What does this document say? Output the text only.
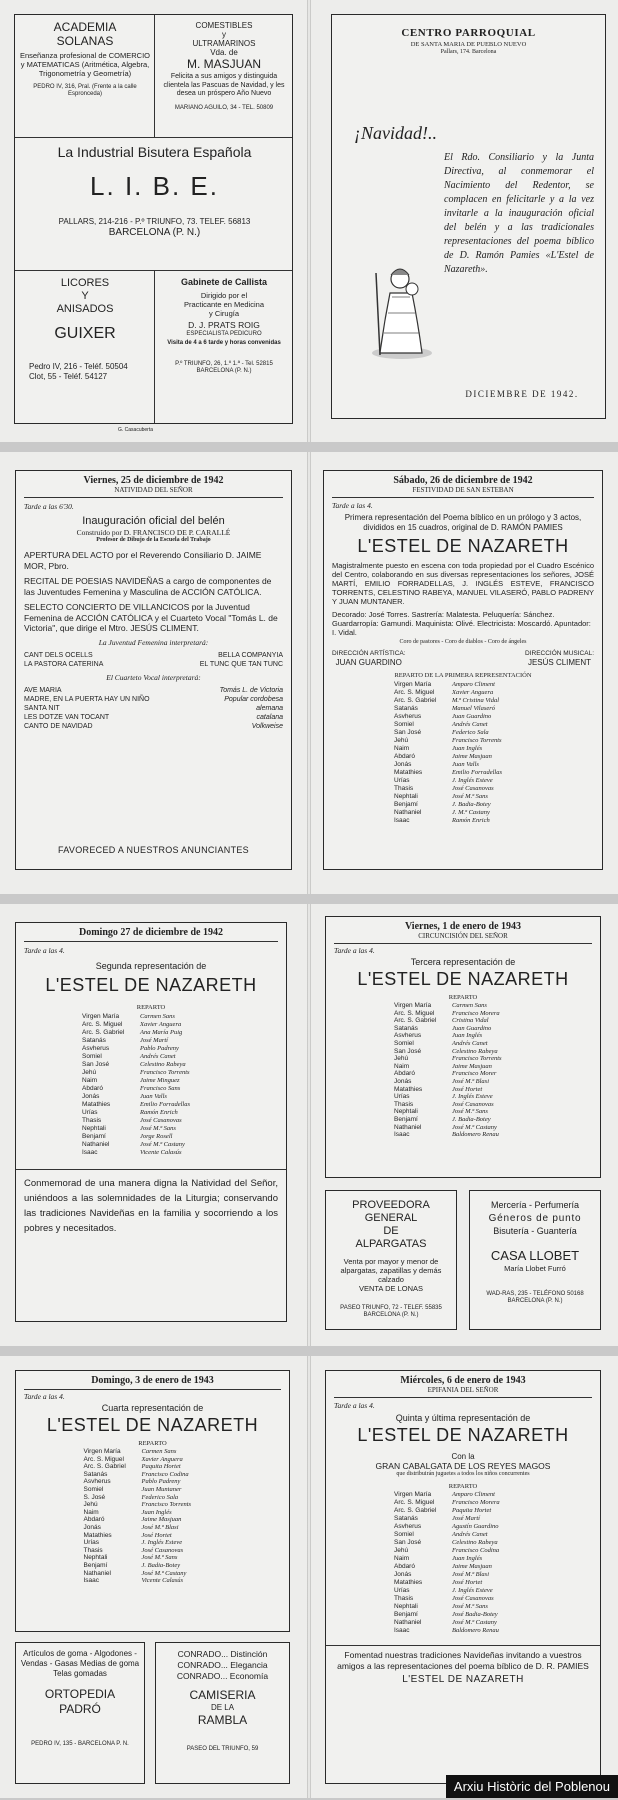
ACADEMIA
SOLANAS
Enseñanza profesional de COMERCIO y MATEMATICAS (Aritmética, Algebra, Trigonometría y Geometría)
PEDRO IV, 316, Pral. (Frente a la calle Espronceda)
COMESTIBLES
y
ULTRAMARINOS
Vda. de
M. MASJUAN
Felicita a sus amigos y distinguida clientela las Pascuas de Navidad, y les desea un próspero Año Nuevo
MARIANO AGUILO, 34 - TEL. 50809
La Industrial Bisutera Española
L. I. B. E.
PALLARS, 214-216 - P.º TRIUNFO, 73. TELEF. 56813
BARCELONA (P. N.)
LICORES
Y
ANISADOS
GUIXER
Pedro IV, 216 - Teléf. 50504
Clot, 55 - Teléf. 54127
Gabinete de Callista
Dirigido por el
Practicante en Medicina
y Cirugía
D. J. PRATS ROIG
ESPECIALISTA PEDICURO
Visita de 4 a 6 tarde y horas convenidas
P.º TRIUNFO, 26, 1.º 1.ª - Tel. 52815 BARCELONA (P. N.)
G. Casacuberta
CENTRO PARROQUIAL
DE SANTA MARIA DE PUEBLO NUEVO
Pallars, 174. Barcelona
¡Navidad!..
El Rdo. Consiliario y la Junta Directiva, al conmemorar el Nacimiento del Redentor, se complacen en felicitarle y a la vez invitarle a la inauguración oficial del belén y a las tradicionales representaciones del poema bíblico de D. Ramón Pamies «L'Estel de Nazareth».
DICIEMBRE DE 1942.
Viernes, 25 de diciembre de 1942
NATIVIDAD DEL SEÑOR
Tarde a las 6'30.
Inauguración oficial del belén
Construído por D. FRANCISCO DE P. CARALLÉ
Profesor de Dibujo de la Escuela del Trabajo

APERTURA DEL ACTO por el Reverendo Consiliario D. JAIME MOR, Pbro.

RECITAL DE POESIAS NAVIDEÑAS a cargo de componentes de las Juventudes Femenina y Masculina de ACCIÓN CATÓLICA.

SELECTO CONCIERTO DE VILLANCICOS por la Juventud Femenina de ACCIÓN CATÓLICA y el Cuarteto Vocal "Tomás L. de Victoria", que dirige el Mtro. JESÚS CLIMENT.

La Juventud Femenina interpretará:
CANT DELS OCELLS	BELLA COMPANYIA
LA PASTORA CATERINA	EL TUNC QUE TAN TUNC
El Cuarteto Vocal interpretará:
AVE MARIA	Tomás L. de Victoria
MADRE, EN LA PUERTA HAY UN NIÑO	Popular cordobesa
SANTA NIT	alemana
LES DOTZE VAN TOCANT	catalana
CANTO DE NAVIDAD	Volkweise
FAVORECED A NUESTROS ANUNCIANTES
Sábado, 26 de diciembre de 1942
FESTIVIDAD DE SAN ESTEBAN
Tarde a las 4.
Primera representación del Poema bíblico en un prólogo y 3 actos, divididos en 15 cuadros, original de D. RAMÓN PAMIES
L'ESTEL DE NAZARETH
Magistralmente puesto en escena con toda propiedad por el Cuadro Escénico del Centro, colaborando en sus diversas representaciones los señores, JOSÉ MARTÍ, EMILIO FORRADELLAS, J. INGLÉS ESTEVE, FRANCISCO TORRENTS, CELESTINO RABEYA, MANUEL VILASERÓ, PABLO PADRENY Y JUAN MUNTANER.
Decorado: José Torres. Sastrería: Malatesta. Peluquería: Sánchez. Guardarropía: Gamundi. Maquinista: Olivé. Electricista: Moscardó. Apuntador: I. Vidal.
Coro de pastores - Coro de diablos - Coro de ángeles
DIRECCIÓN ARTÍSTICA:
JUAN GUARDINO
DIRECCIÓN MUSICAL:
JESÚS CLIMENT
REPARTO DE LA PRIMERA REPRESENTACIÓN
Virgen María	Amparo Climent
Arc. S. Miguel	Xavier Anguera
Arc. S. Gabriel	M.ª Cristina Vidal
Satanás	Manuel Vilaseró
Asvherus	Juan Guardino
Somiel	Andrés Canet
San José	Federico Sala
Jehú	Francisco Torrents
Naim	Juan Inglés
Abdaró	Jaime Masjuan
Jonás	Juan Valls
Matathies	Emilio Forradellas
Urías	J. Inglés Esteve
Thasis	José Casanovas
Nephtali	José M.ª Sans
Benjamí	J. Badia-Botey
Nathaniel	J. M.ª Castany
Isaac	Ramón Enrich
Domingo 27 de diciembre de 1942
Tarde a las 4.
Segunda representación de
L'ESTEL DE NAZARETH
REPARTO
Virgen María	Carmen Sans
Arc. S. Miguel	Xavier Anguera
Arc. S. Gabriel	Ana María Puig
Satanás	José Martí
Asvherus	Pablo Padreny
Somiel	Andrés Canet
San José	Celestino Rabeya
Jehú	Francisco Torrents
Naim	Jaime Minguez
Abdaró	Francisco Sans
Jonás	Juan Valls
Matathies	Emilio Forradellas
Urías	Ramón Enrich
Thasis	José Casanovas
Nephtali	José M.ª Sans
Benjamí	Jorge Rosell
Nathaniel	José M.ª Castany
Isaac	Vicente Calasús
Conmemorad de una manera digna la Natividad del Señor, uniéndoos a las solemnidades de la Liturgia; conservando las tradiciones Navideñas en la familia y socorriendo a los pobres y necesitados.
Viernes, 1 de enero de 1943
CIRCUNCISIÓN DEL SEÑOR
Tarde a las 4.
Tercera representación de
L'ESTEL DE NAZARETH
REPARTO
Virgen María	Carmen Sans
Arc. S. Miguel	Francisco Morera
Arc. S. Gabriel	Cristina Vidal
Satanás	Juan Guardino
Asvherus	Juan Inglés
Somiel	Andrés Canet
San José	Celestino Rabeya
Jehú	Francisco Torrents
Naim	Jaime Masjuan
Abdaró	Francisco Morer
Jonás	José M.ª Blasi
Matathies	José Hortet
Urías	J. Inglés Esteve
Thasis	José Casanovas
Nephtali	José M.ª Sans
Benjamí	J. Badia-Botey
Nathaniel	José M.ª Castany
Isaac	Baldomero Renau
PROVEEDORA
GENERAL
DE
ALPARGATAS
Venta por mayor y menor de alpargatas, zapatillas y demás calzado
VENTA DE LONAS
PASEO TRIUNFO, 72 - TELEF. 55835 BARCELONA (P. N.)
Mercería - Perfumería
Géneros de punto
Bisutería - Guantería
CASA LLOBET
María Llobet Furró
WAD-RAS, 235 - TELÉFONO 50168 BARCELONA (P. N.)
Domingo, 3 de enero de 1943
Tarde a las 4.
Cuarta representación de
L'ESTEL DE NAZARETH
REPARTO
Virgen María	Carmen Sans
Arc. S. Miguel	Xavier Anguera
Arc. S. Gabriel	Paquita Hortet
Satanás	Francisco Codina
Asvherus	Pablo Padreny
Somiel	Juan Muntaner
S. José	Federico Sala
Jehú	Francisco Torrents
Naim	Juan Inglés
Abdaró	Jaime Masjuan
Jonás	José M.ª Blasi
Matathies	José Hortet
Urías	J. Inglés Esteve
Thasis	José Casanovas
Nephtali	José M.ª Sans
Benjamí	J. Badia-Botey
Nathaniel	José M.ª Castany
Isaac	Vicente Calasús
Artículos de goma - Algodones - Vendas - Gasas Medias de goma Telas gomadas
ORTOPEDIA
PADRÓ
PEDRO IV, 135 - BARCELONA P. N.
CONRADO... Distinción
CONRADO... Elegancia
CONRADO... Economía
CAMISERIA
DE LA
RAMBLA
PASEO DEL TRIUNFO, 59
Miércoles, 6 de enero de 1943
EPIFANIA DEL SEÑOR
Tarde a las 4.
Quinta y última representación de
L'ESTEL DE NAZARETH
Con la
GRAN CABALGATA DE LOS REYES MAGOS
que distribuirán juguetes a todos los niños concurrentes
REPARTO
Virgen María	Amparo Climent
Arc. S. Miguel	Francisco Morera
Arc. S. Gabriel	Paquita Hortet
Satanás	José Martí
Asvherus	Agustín Guardino
Somiel	Andrés Canet
San José	Celestino Rabeya
Jehú	Francisco Codina
Naim	Juan Inglés
Abdaró	Jaime Masjuan
Jonás	José M.ª Blasi
Matathies	José Hortet
Urías	J. Inglés Esteve
Thasis	José Casanovas
Nephtali	José M.ª Sans
Benjamí	José Badia-Botey
Nathaniel	José M.ª Castany
Isaac	Baldomero Renau
Fomentad nuestras tradiciones Navideñas invitando a vuestros amigos a las representaciones del poema bíblico de D. R. PAMIES
L'ESTEL DE NAZARETH
Arxiu Històric del Poblenou
